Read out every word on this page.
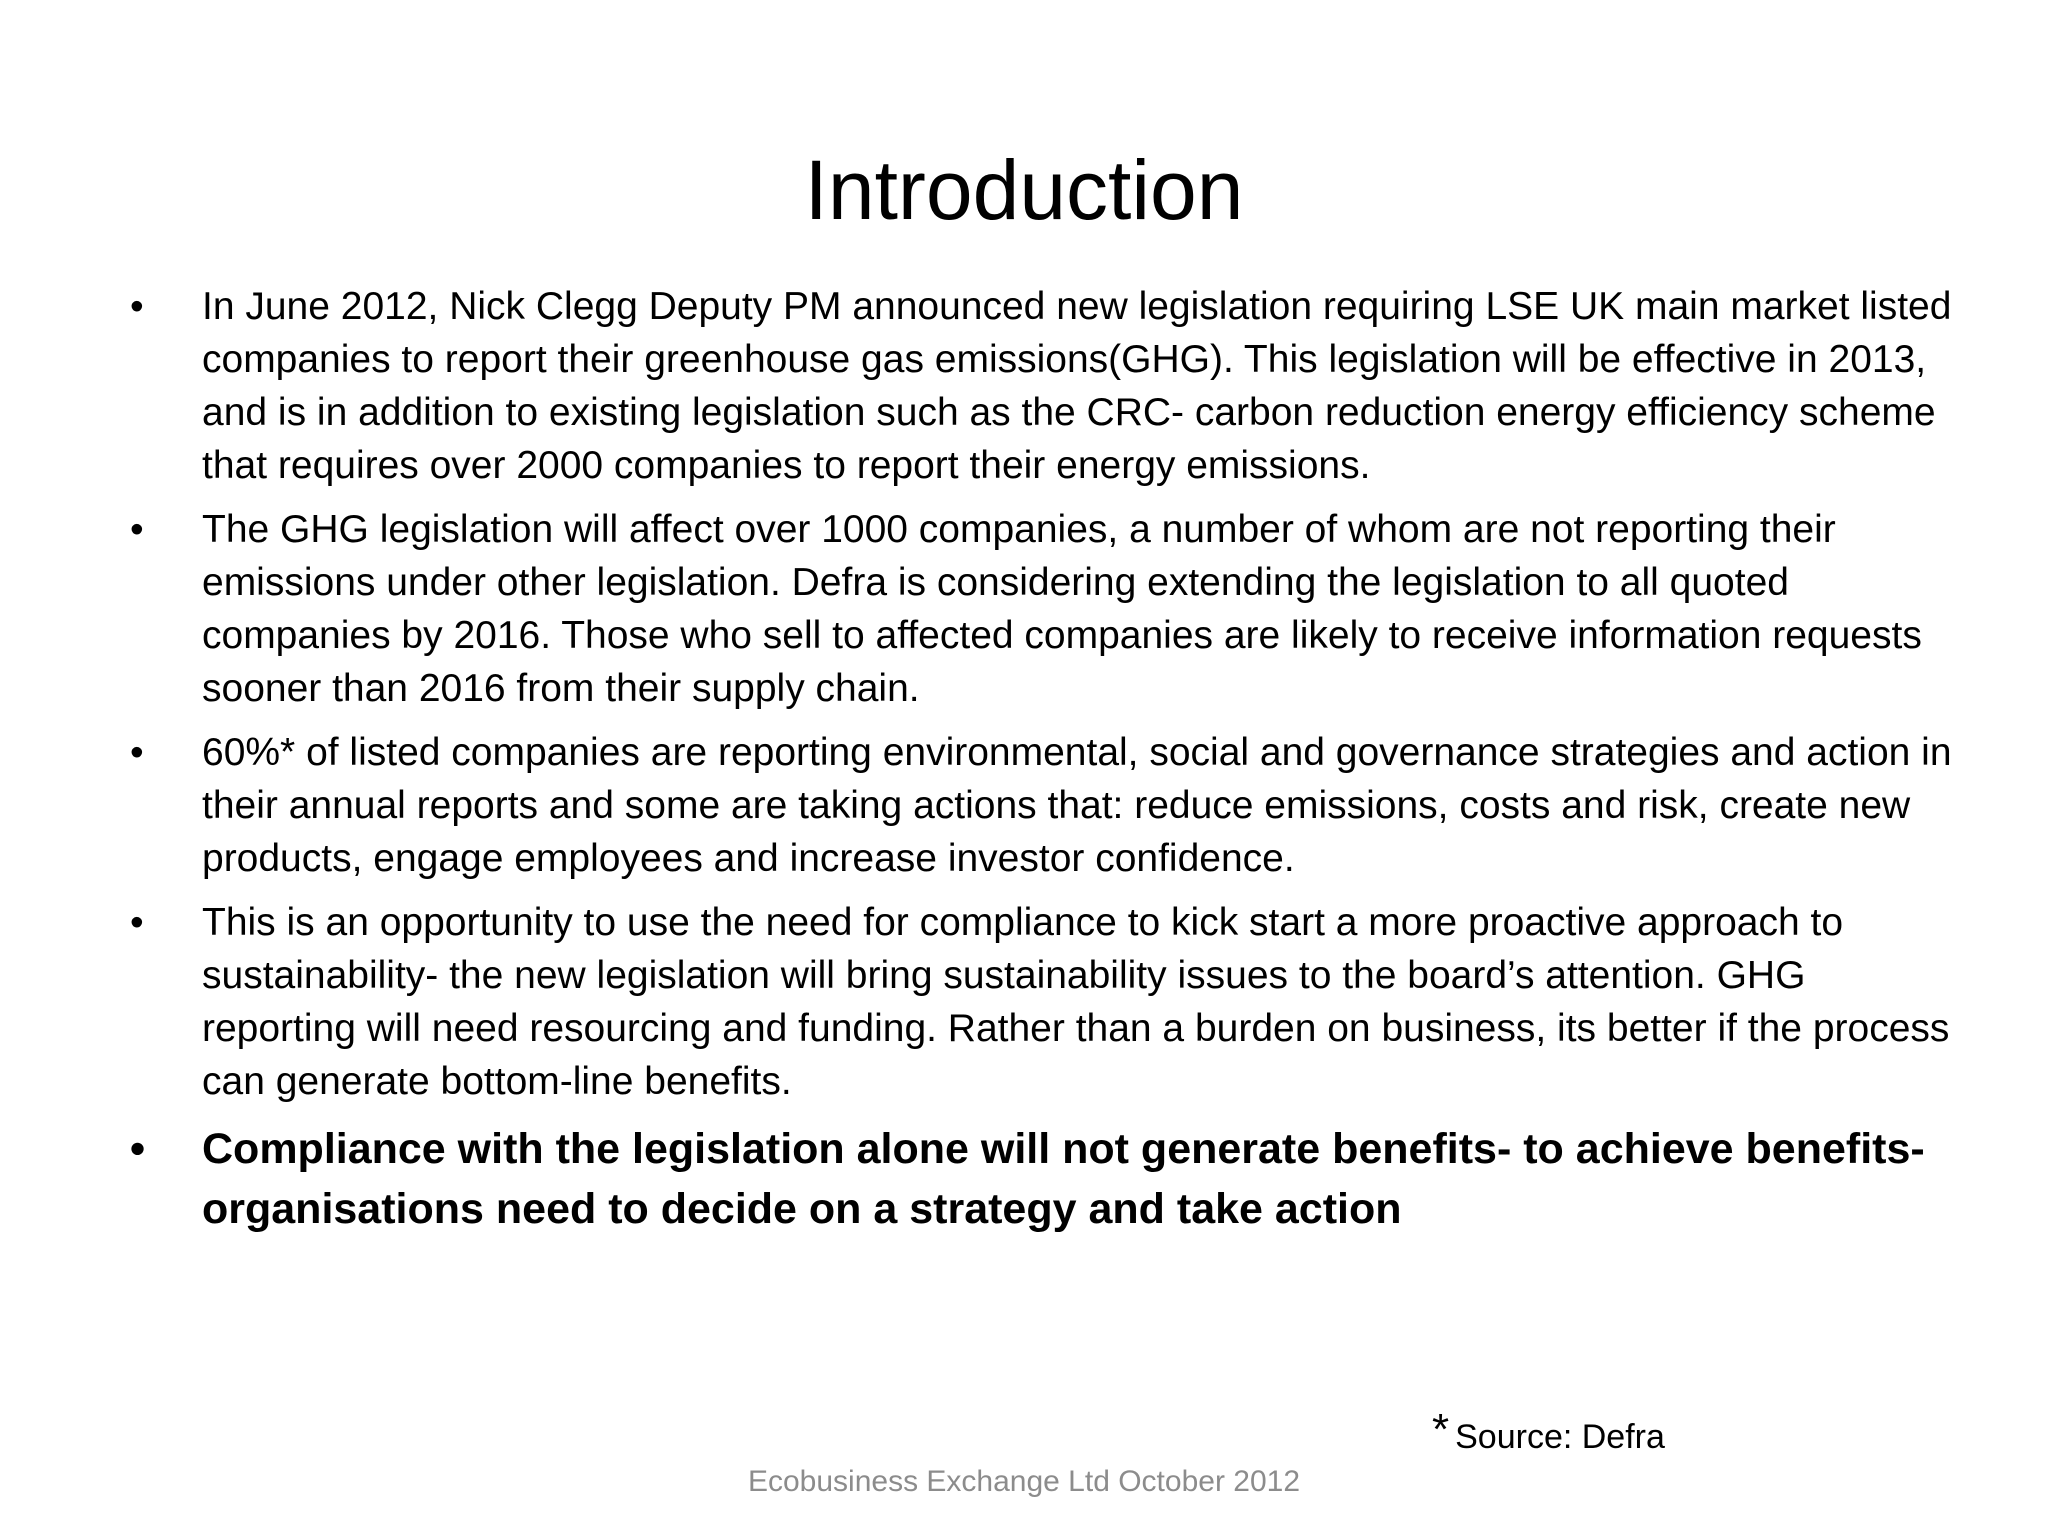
Introduction
•	In June 2012, Nick Clegg Deputy PM announced new legislation requiring LSE UK main market listed companies to report their greenhouse gas emissions(GHG). This legislation will be effective in 2013, and is in addition to existing legislation such as the CRC- carbon reduction energy efficiency scheme that requires over 2000 companies to report their energy emissions.
•	The GHG legislation will affect over 1000 companies, a number of whom are not reporting their emissions under other legislation. Defra is considering extending the legislation to all quoted companies by 2016. Those who sell to affected companies are likely to receive information requests sooner than 2016 from their supply chain.
•	60%* of listed companies are reporting environmental, social and governance strategies and action in their annual reports and some are taking actions that: reduce emissions, costs and risk, create new products, engage employees and increase investor confidence.
•	This is an opportunity to use the need for compliance to kick start a more proactive approach to sustainability- the new legislation will bring sustainability issues to the board’s attention. GHG reporting will need resourcing and funding. Rather than a burden on business, its better if the process can generate bottom-line benefits.
•	Compliance with the legislation alone will not generate benefits- to achieve benefits- organisations need to decide on a strategy and take action
* Source: Defra
Ecobusiness Exchange Ltd October 2012
